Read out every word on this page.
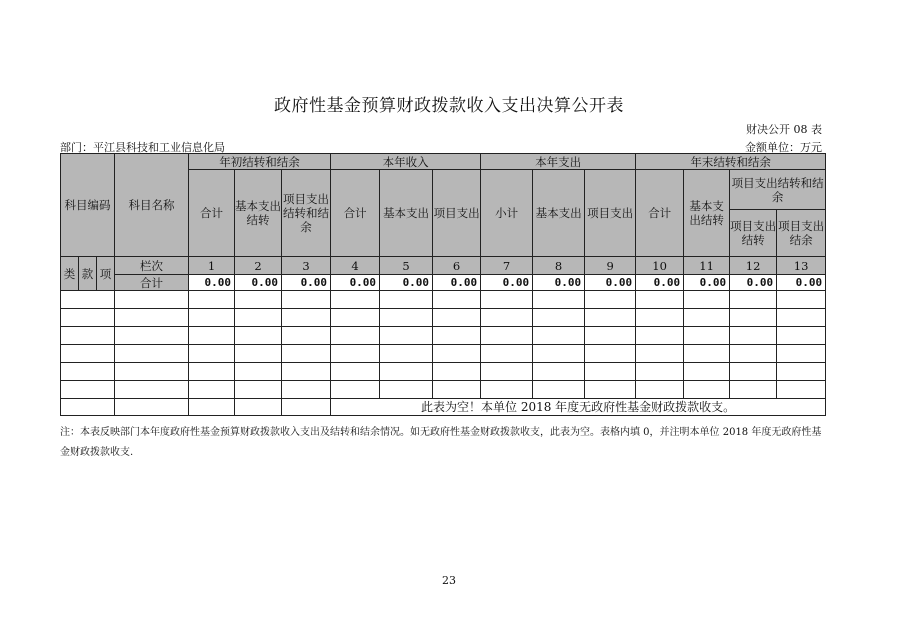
政府性基金预算财政拨款收入支出决算公开表
财决公开 08 表
部门：平江县科技和工业信息化局	金额单位：万元
科目编码			科目名称	年初结转和结余			本年收入			本年支出			年末结转和结余			
				合计	基本支出结转	项目支出结转和结余	合计	基本支出	项目支出	小计	基本支出	项目支出	合计	基本支出结转	项目支出结转和结余	
															项目支出结转	项目支出结余
类	款	项	栏次	1	2	3	4	5	6	7	8	9	10	11	12	13
			合计	0.00	0.00	0.00	0.00	0.00	0.00	0.00	0.00	0.00	0.00	0.00	0.00	0.00

							此表为空！本单位 2018 年度无政府性基金财政拨款收支。									
注：本表反映部门本年度政府性基金预算财政拨款收入支出及结转和结余情况。如无政府性基金财政拨款收支，此表为空。表格内填 0，并注明本单位 2018 年度无政府性基金财政拨款收支.
23
